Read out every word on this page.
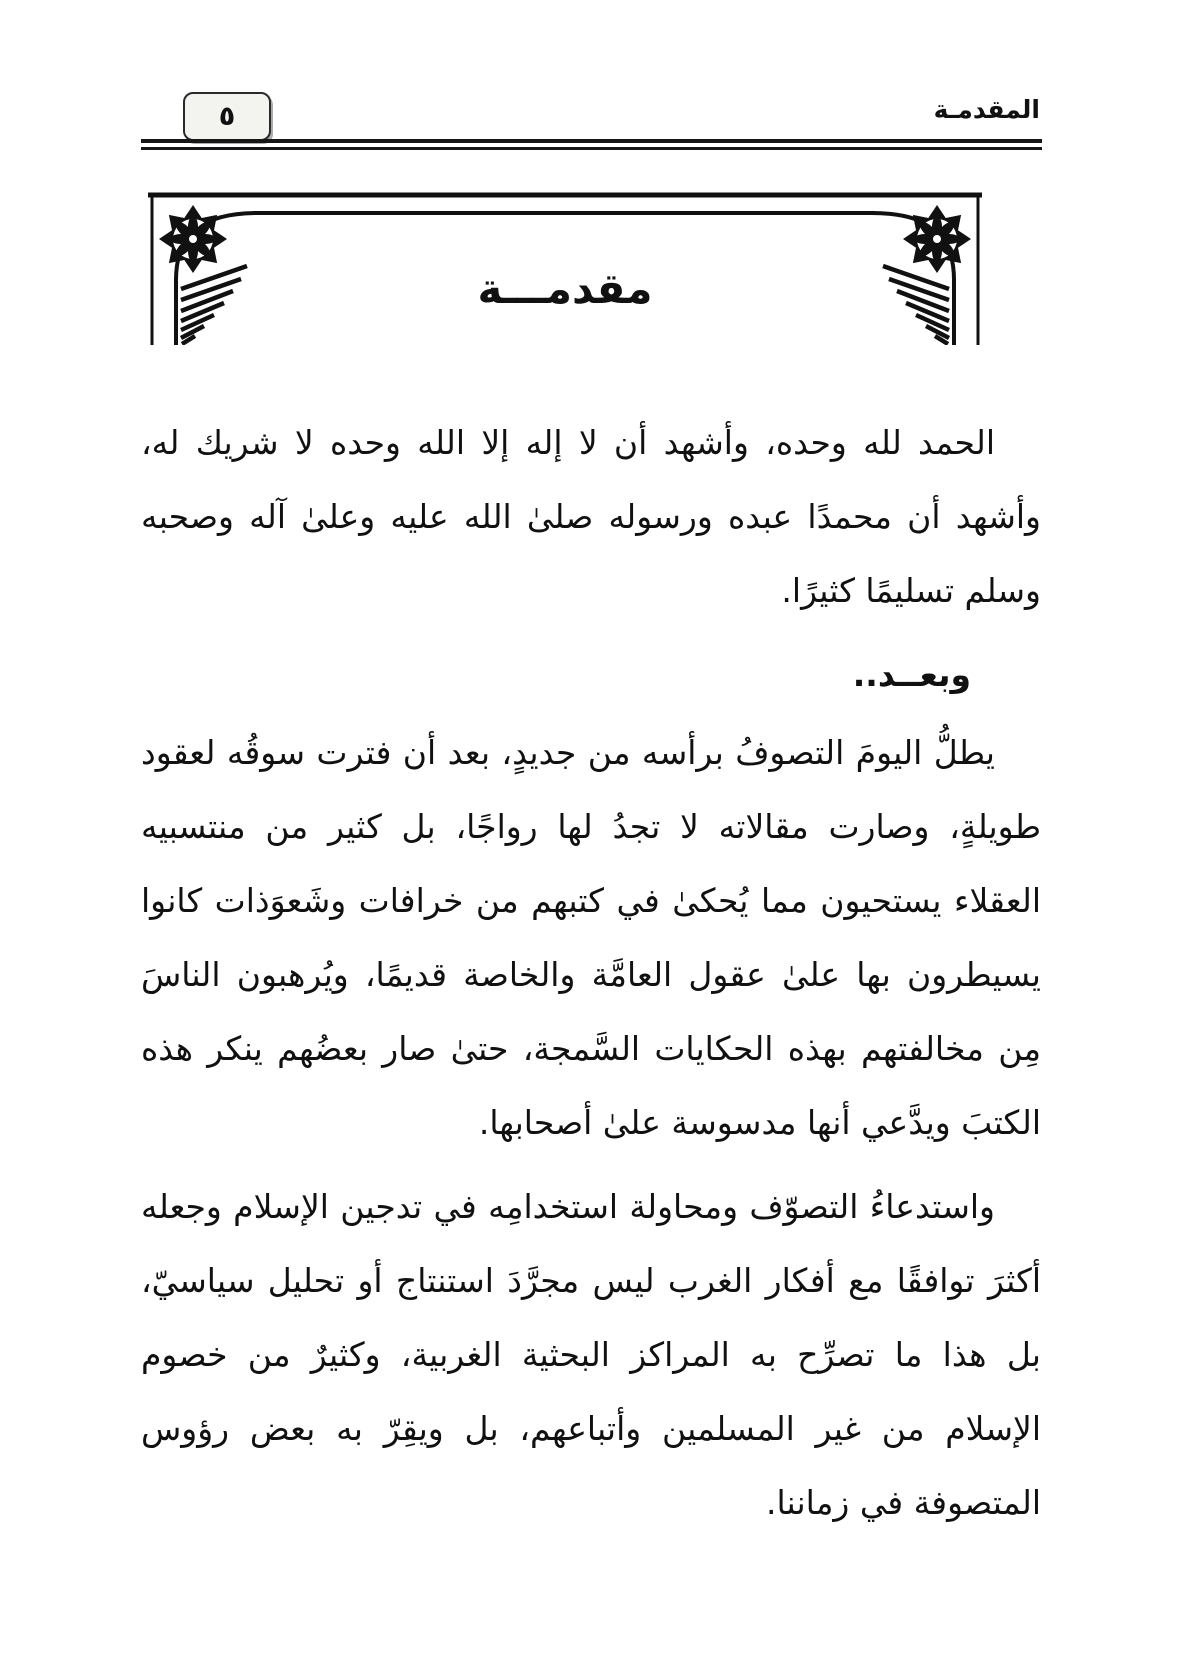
٥	المقدمـة
مقدمـــة

الحمد لله وحده، وأشهد أن لا إله إلا الله وحده لا شريك له، وأشهد أن محمدًا عبده ورسوله صلىٰ الله عليه وعلىٰ آله وصحبه وسلم تسليمًا كثيرًا.

وبعــد..

يطلُّ اليومَ التصوفُ برأسه من جديدٍ، بعد أن فترت سوقُه لعقود طويلةٍ، وصارت مقالاته لا تجدُ لها رواجًا، بل كثير من منتسبيه العقلاء يستحيون مما يُحكىٰ في كتبهم من خرافات وشَعوَذات كانوا يسيطرون بها علىٰ عقول العامَّة والخاصة قديمًا، ويُرهبون الناسَ مِن مخالفتهم بهذه الحكايات السَّمجة، حتىٰ صار بعضُهم ينكر هذه الكتبَ ويدَّعي أنها مدسوسة علىٰ أصحابها.

واستدعاءُ التصوّف ومحاولة استخدامِه في تدجين الإسلام وجعله أكثرَ توافقًا مع أفكار الغرب ليس مجرَّدَ استنتاج أو تحليل سياسيّ، بل هذا ما تصرِّح به المراكز البحثية الغربية، وكثيرٌ من خصوم الإسلام من غير المسلمين وأتباعهم، بل ويقِرّ به بعض رؤوس المتصوفة في زماننا.
